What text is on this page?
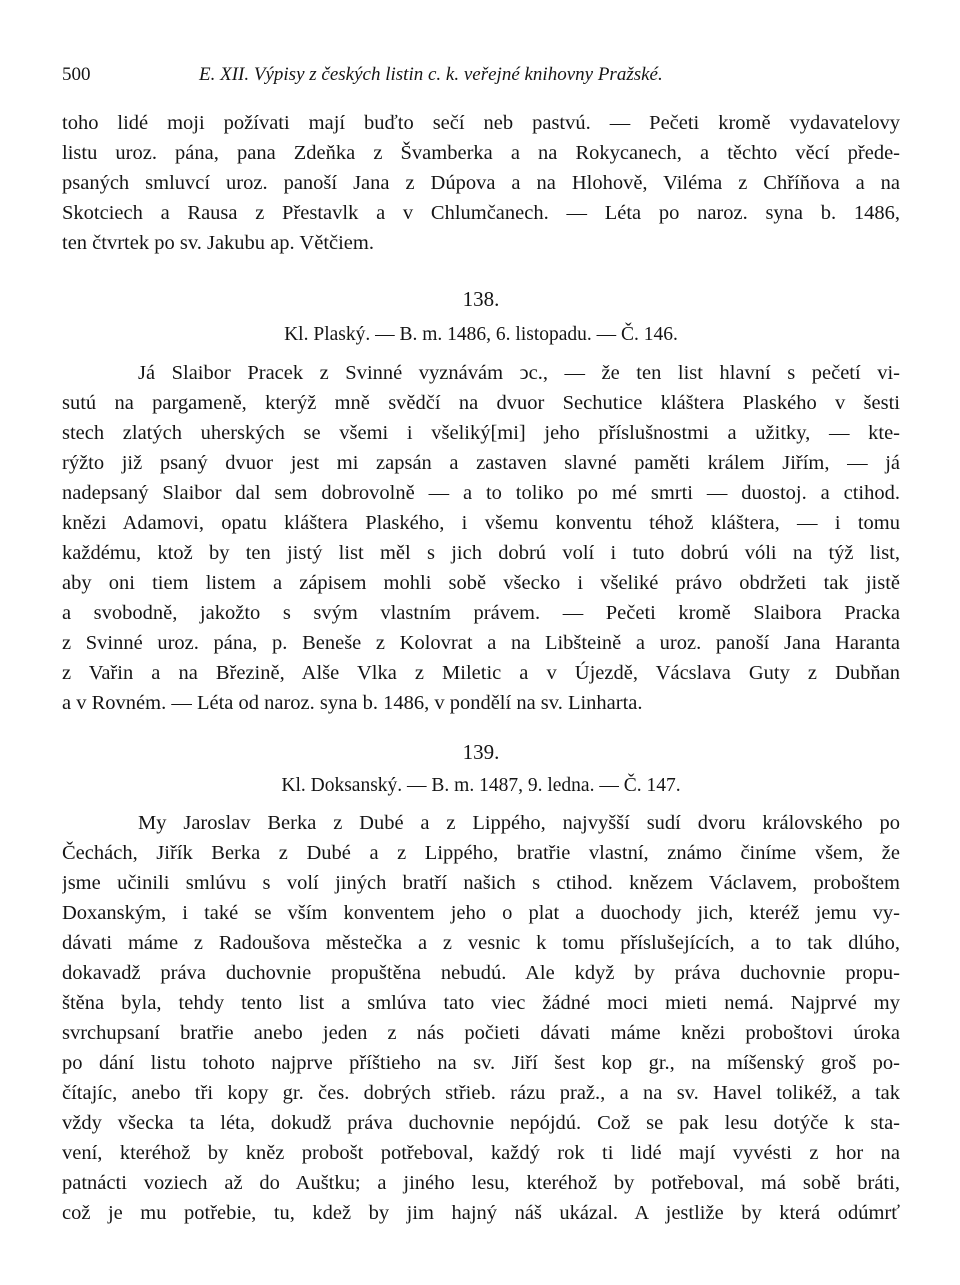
500	E. XII. Výpisy z českých listin c. k. veřejné knihovny Pražské.
toho lidé moji požívati mají buďto sečí neb pastvú. — Pečeti kromě vydavatelovy
listu uroz. pána, pana Zdeňka z Švamberka a na Rokycanech, a těchto věcí přede-
psaných smluvcí uroz. panoší Jana z Dúpova a na Hlohově, Viléma z Chříňova a na
Skotciech a Rausa z Přestavlk a v Chlumčanech. — Léta po naroz. syna b. 1486,
ten čtvrtek po sv. Jakubu ap. Větčiem.
138.
Kl. Plaský. — B. m. 1486, 6. listopadu. — Č. 146.
Já Slaibor Pracek z Svinné vyznávám ↄc., — že ten list hlavní s pečetí vi-
sutú na pargameně, kterýž mně svědčí na dvuor Sechutice kláštera Plaského v šesti
stech zlatých uherských se všemi i všeliký[mi] jeho příslušnostmi a užitky, — kte-
rýžto již psaný dvuor jest mi zapsán a zastaven slavné paměti králem Jiřím, — já
nadepsaný Slaibor dal sem dobrovolně — a to toliko po mé smrti — duostoj. a ctihod.
knězi Adamovi, opatu kláštera Plaského, i všemu konventu téhož kláštera, — i tomu
každému, ktož by ten jistý list měl s jich dobrú volí i tuto dobrú vóli na týž list,
aby oni tiem listem a zápisem mohli sobě všecko i všeliké právo obdržeti tak jistě
a svobodně, jakožto s svým vlastním právem. — Pečeti kromě Slaibora Pracka
z Svinné uroz. pána, p. Beneše z Kolovrat a na Libšteině a uroz. panoší Jana Haranta
z Vařin a na Březině, Alše Vlka z Miletic a v Újezdě, Vácslava Guty z Dubňan
a v Rovném. — Léta od naroz. syna b. 1486, v pondělí na sv. Linharta.
139.
Kl. Doksanský. — B. m. 1487, 9. ledna. — Č. 147.
My Jaroslav Berka z Dubé a z Lippého, najvyšší sudí dvoru královského po
Čechách, Jiřík Berka z Dubé a z Lippého, bratřie vlastní, známo činíme všem, že
jsme učinili smlúvu s volí jiných bratří našich s ctihod. knězem Václavem, proboštem
Doxanským, i také se vším konventem jeho o plat a duochody jich, kteréž jemu vy-
dávati máme z Radoušova městečka a z vesnic k tomu příslušejících, a to tak dlúho,
dokavadž práva duchovnie propuštěna nebudú. Ale když by práva duchovnie propu-
štěna byla, tehdy tento list a smlúva tato viec žádné moci mieti nemá. Najprvé my
svrchupsaní bratřie anebo jeden z nás počieti dávati máme knězi proboštovi úroka
po dání listu tohoto najprve příštieho na sv. Jiří šest kop gr., na míšenský groš po-
čítajíc, anebo tři kopy gr. čes. dobrých střieb. rázu praž., a na sv. Havel tolikéž, a tak
vždy všecka ta léta, dokudž práva duchovnie nepójdú. Což se pak lesu dotýče k sta-
vení, kteréhož by kněz probošt potřeboval, každý rok ti lidé mají vyvésti z hor na
patnácti voziech až do Auštku; a jiného lesu, kteréhož by potřeboval, má sobě bráti,
což je mu potřebie, tu, kdež by jim hajný náš ukázal. A jestliže by která odúmrť
